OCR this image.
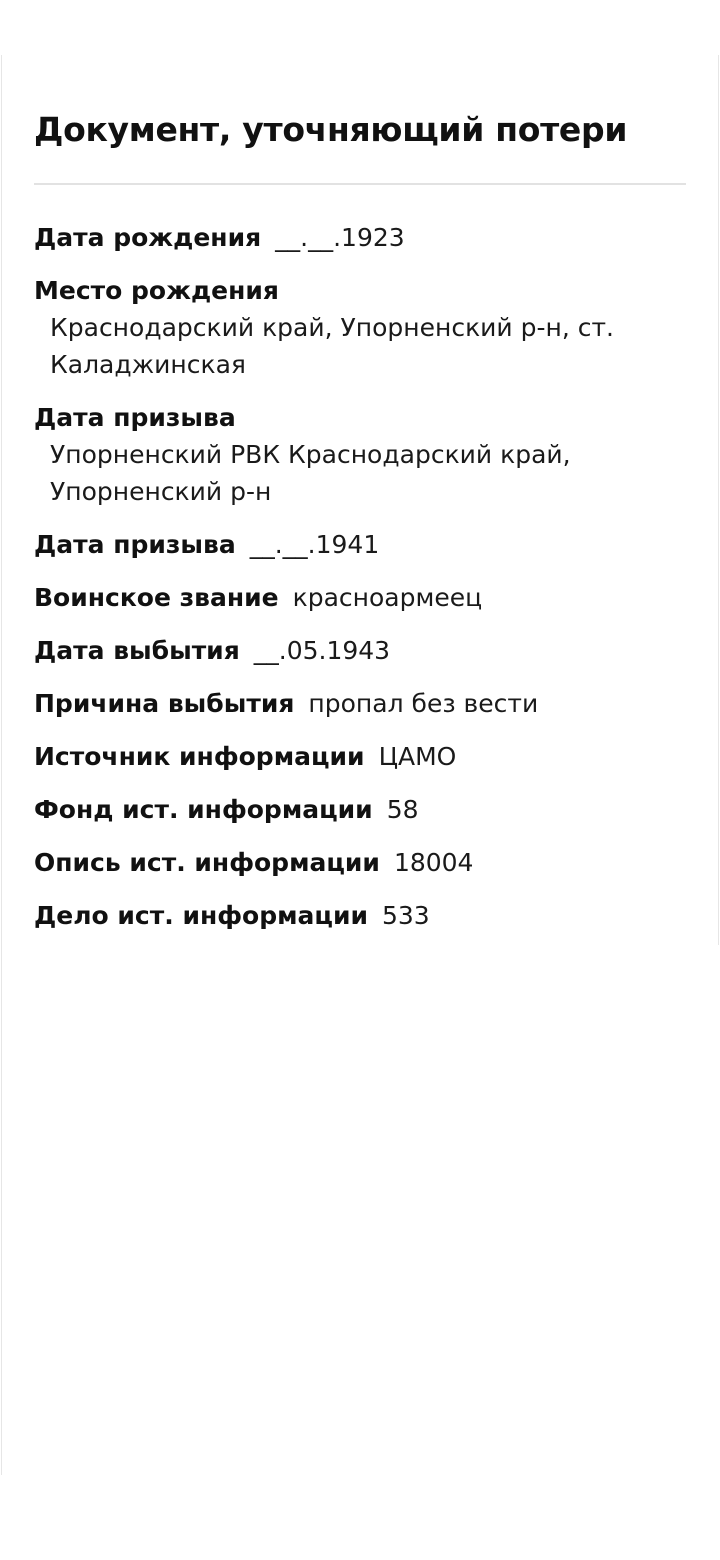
Документ, уточняющий потери
Дата рождения __.__.1923
Место рождения
Краснодарский край, Упорненский р-н, ст. Каладжинская
Дата призыва
Упорненский РВК Краснодарский край, Упорненский р-н
Дата призыва __.__.1941
Воинское звание красноармеец
Дата выбытия __.05.1943
Причина выбытия пропал без вести
Источник информации ЦАМО
Фонд ист. информации 58
Опись ист. информации 18004
Дело ист. информации 533
